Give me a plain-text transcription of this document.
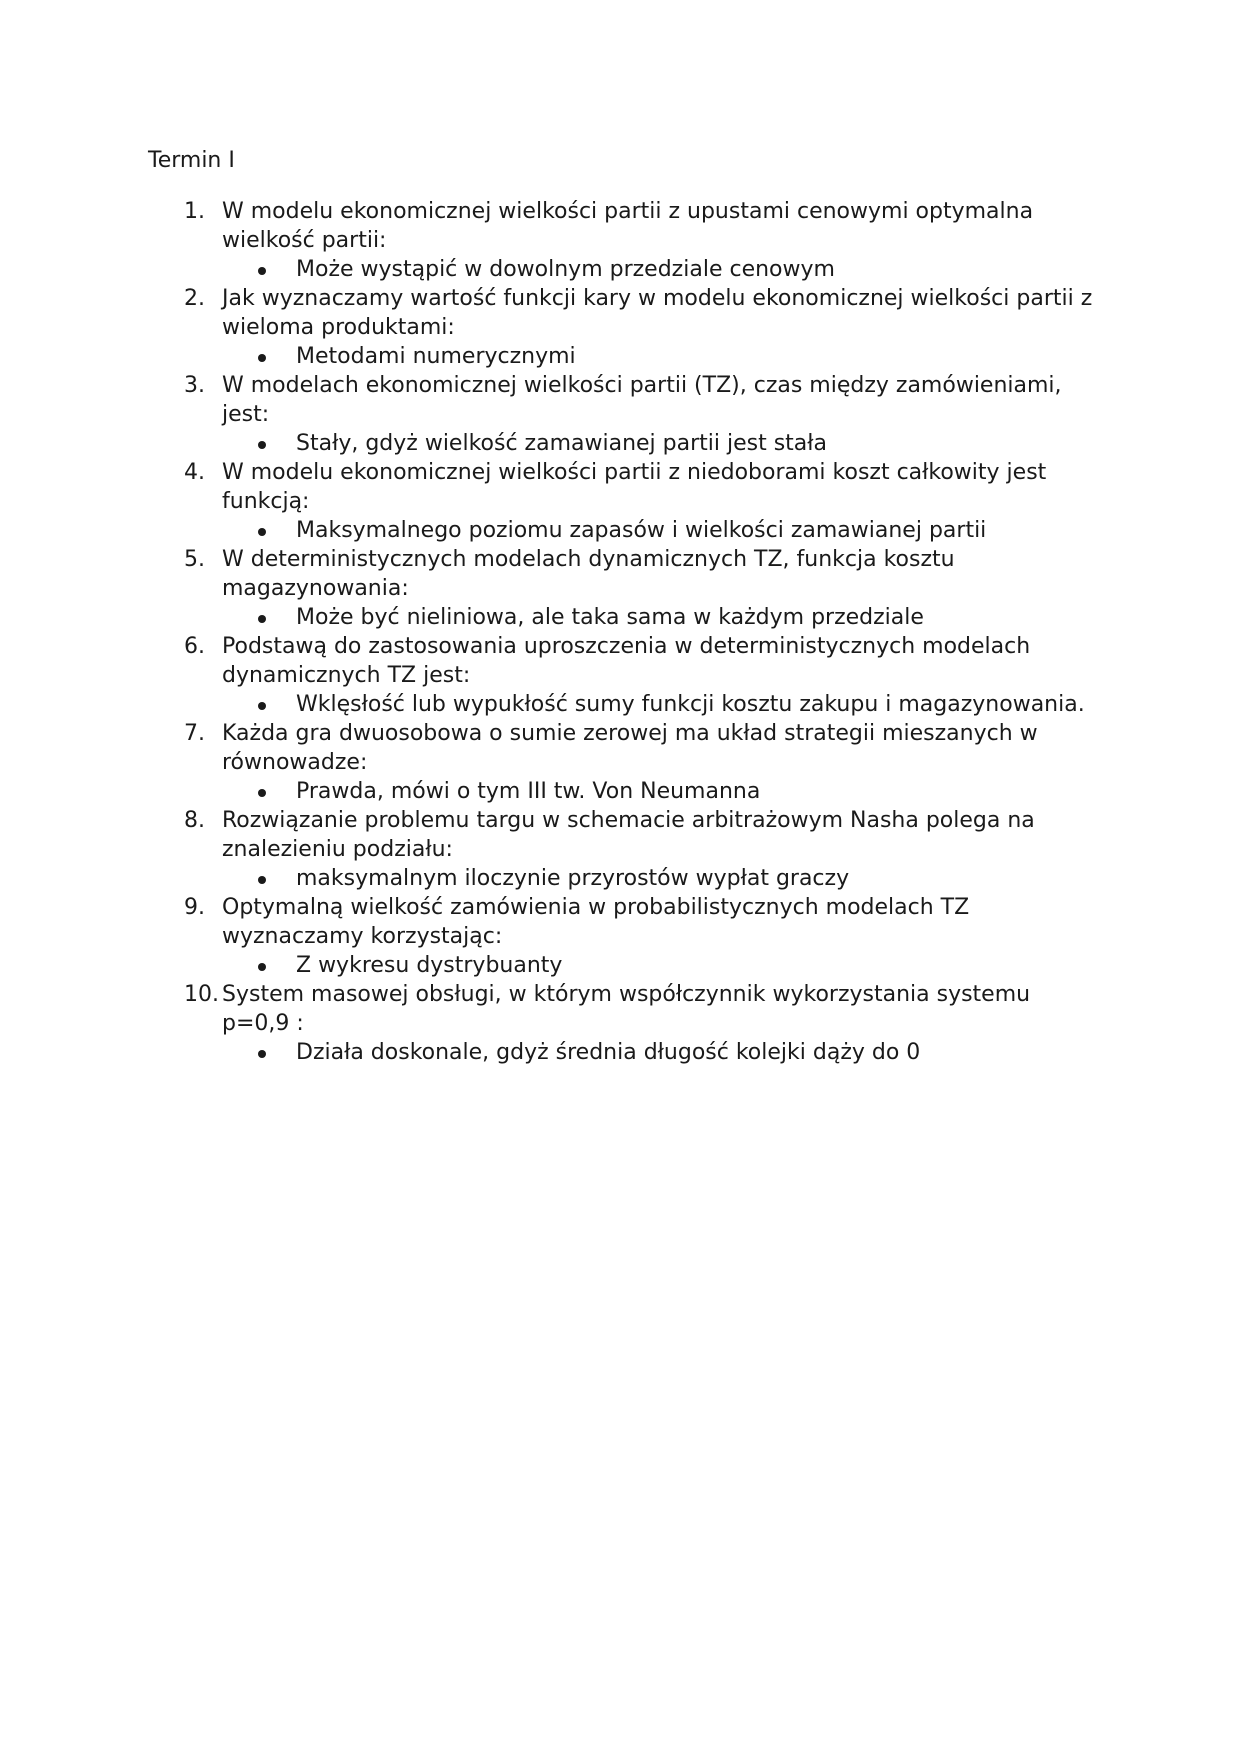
Termin I
1. W modelu ekonomicznej wielkości partii z upustami cenowymi optymalna wielkość partii:
Może wystąpić w dowolnym przedziale cenowym
2. Jak wyznaczamy wartość funkcji kary w modelu ekonomicznej wielkości partii z wieloma produktami:
Metodami numerycznymi
3. W modelach ekonomicznej wielkości partii (TZ), czas między zamówieniami, jest:
Stały, gdyż wielkość zamawianej partii jest stała
4. W modelu ekonomicznej wielkości partii z niedoborami koszt całkowity jest funkcją:
Maksymalnego poziomu zapasów i wielkości zamawianej partii
5. W deterministycznych modelach dynamicznych TZ, funkcja kosztu magazynowania:
Może być nieliniowa, ale taka sama w każdym przedziale
6. Podstawą do zastosowania uproszczenia w deterministycznych modelach dynamicznych TZ jest:
Wklęsłość lub wypukłość sumy funkcji kosztu zakupu i magazynowania.
7. Każda gra dwuosobowa o sumie zerowej ma układ strategii mieszanych w równowadze:
Prawda, mówi o tym III tw. Von Neumanna
8. Rozwiązanie problemu targu w schemacie arbitrażowym Nasha polega na znalezieniu podziału:
maksymalnym iloczynie przyrostów wypłat graczy
9. Optymalną wielkość zamówienia w probabilistycznych modelach TZ wyznaczamy korzystając:
Z wykresu dystrybuanty
10. System masowej obsługi, w którym współczynnik wykorzystania systemu p=0,9 :
Działa doskonale, gdyż średnia długość kolejki dąży do 0
